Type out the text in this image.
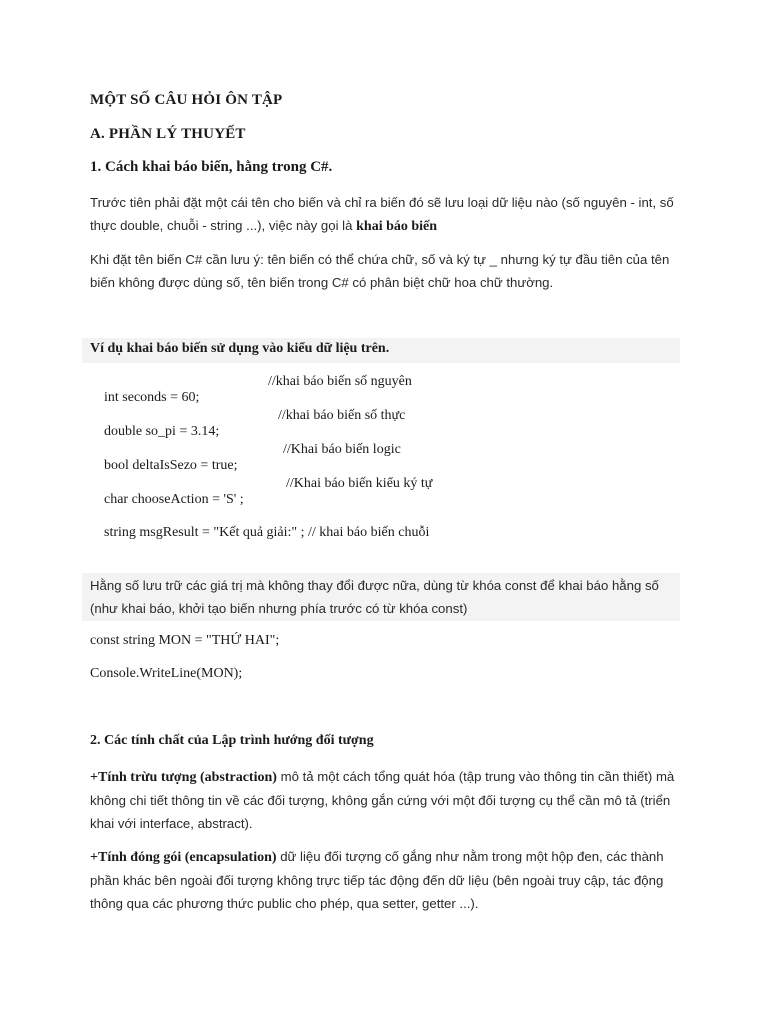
MỘT SỐ CÂU HỎI ÔN TẬP
A. PHẦN LÝ THUYẾT
1. Cách khai báo biến, hằng trong C#.

Trước tiên phải đặt một cái tên cho biến và chỉ ra biến đó sẽ lưu loại dữ liệu nào (số nguyên - int, số thực double, chuỗi - string ...), việc này gọi là khai báo biến

Khi đặt tên biến C# cần lưu ý: tên biến có thể chứa chữ, số và ký tự _ nhưng ký tự đầu tiên của tên biến không được dùng số, tên biến trong C# có phân biệt chữ hoa chữ thường.

Ví dụ khai báo biến sử dụng vào kiểu dữ liệu trên.

int seconds = 60;

//khai báo biến số nguyên

double so_pi = 3.14;

//khai báo biến số thực

bool deltaIsSezo = true;

//Khai báo biến logic

char chooseAction = 'S' ;

//Khai báo biến kiểu ký tự

string msgResult = "Kết quả giải:" ; // khai báo biến chuỗi

Hằng số lưu trữ các giá trị mà không thay đổi được nữa, dùng từ khóa const để khai báo hằng số (như khai báo, khởi tạo biến nhưng phía trước có từ khóa const)

const string MON = "THỨ HAI";
Console.WriteLine(MON);
2. Các tính chất của Lập trình hướng đối tượng

+Tính trừu tượng (abstraction) mô tả một cách tổng quát hóa (tập trung vào thông tin cần thiết) mà không chi tiết thông tin về các đối tượng, không gắn cứng với một đối tượng cụ thể cần mô tả (triển khai với interface, abstract).

+Tính đóng gói (encapsulation) dữ liệu đối tượng cố gắng như nằm trong một hộp đen, các thành phần khác bên ngoài đối tượng không trực tiếp tác động đến dữ liệu (bên ngoài truy cập, tác động thông qua các phương thức public cho phép, qua setter, getter ...).
